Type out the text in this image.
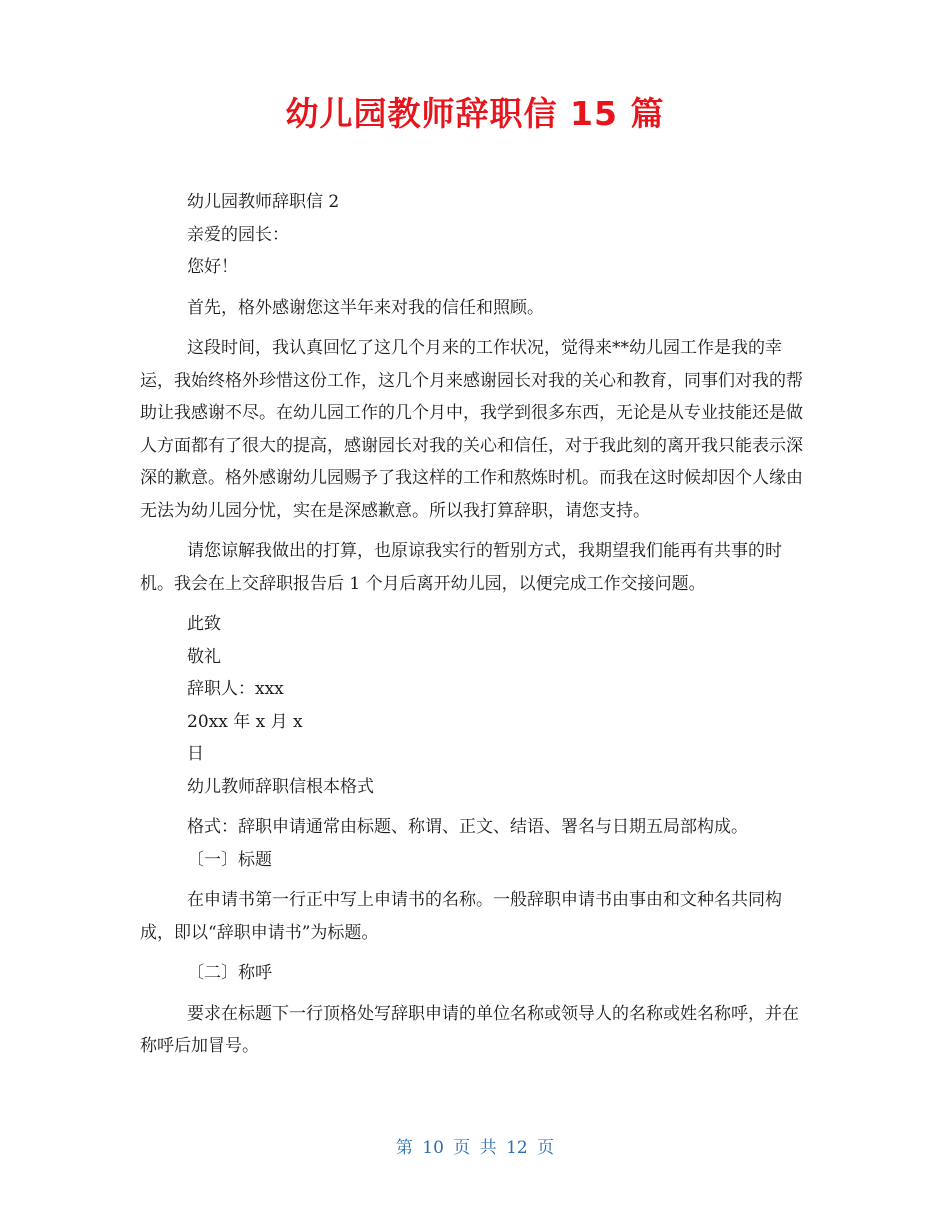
幼儿园教师辞职信 15 篇

幼儿园教师辞职信 2

亲爱的园长：

您好！

首先，格外感谢您这半年来对我的信任和照顾。

这段时间，我认真回忆了这几个月来的工作状况，觉得来**幼儿园工作是我的幸运，我始终格外珍惜这份工作，这几个月来感谢园长对我的关心和教育，同事们对我的帮助让我感谢不尽。在幼儿园工作的几个月中，我学到很多东西，无论是从专业技能还是做人方面都有了很大的提高，感谢园长对我的关心和信任，对于我此刻的离开我只能表示深深的歉意。格外感谢幼儿园赐予了我这样的工作和熬炼时机。而我在这时候却因个人缘由无法为幼儿园分忧，实在是深感歉意。所以我打算辞职，请您支持。

请您谅解我做出的打算，也原谅我实行的暂别方式，我期望我们能再有共事的时机。我会在上交辞职报告后 1 个月后离开幼儿园，以便完成工作交接问题。

此致

敬礼

辞职人：xxx

20xx 年 x 月 x

日

幼儿教师辞职信根本格式

格式：辞职申请通常由标题、称谓、正文、结语、署名与日期五局部构成。

〔一〕标题

在申请书第一行正中写上申请书的名称。一般辞职申请书由事由和文种名共同构成，即以“辞职申请书”为标题。

〔二〕称呼

要求在标题下一行顶格处写辞职申请的单位名称或领导人的名称或姓名称呼，并在称呼后加冒号。

第 10 页 共 12 页
